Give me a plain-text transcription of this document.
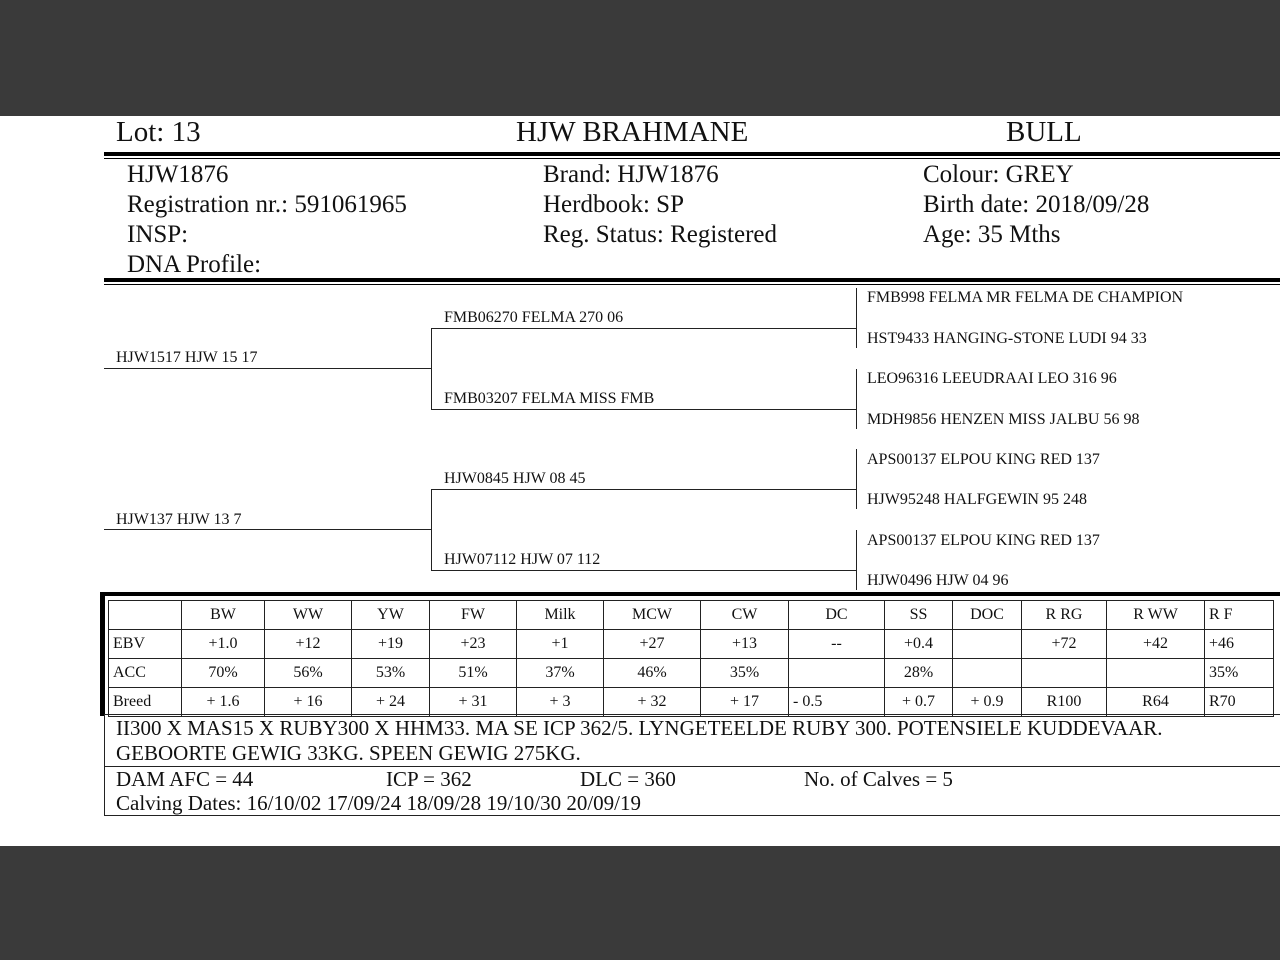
Lot: 13	HJW BRAHMANE	BULL
HJW1876
Registration nr.: 591061965
INSP:
DNA Profile:
Brand: HJW1876
Herdbook: SP
Reg. Status: Registered
Colour: GREY
Birth date: 2018/09/28
Age: 35 Mths
HJW1517 HJW 15 17
HJW137 HJW 13 7
FMB06270 FELMA 270 06
FMB03207 FELMA MISS FMB
HJW0845 HJW 08 45
HJW07112 HJW 07 112
FMB998 FELMA MR FELMA DE CHAMPION
HST9433 HANGING-STONE LUDI 94 33
LEO96316 LEEUDRAAI LEO 316 96
MDH9856 HENZEN MISS JALBU 56 98
APS00137 ELPOU KING RED 137
HJW95248 HALFGEWIN 95 248
APS00137 ELPOU KING RED 137
HJW0496 HJW 04 96
	BW	WW	YW	FW	Milk	MCW	CW	DC	SS	DOC	R RG	R WW	R F
EBV	+1.0	+12	+19	+23	+1	+27	+13	--	+0.4		+72	+42	+46
ACC	70%	56%	53%	51%	37%	46%	35%		28%				35%
Breed	+ 1.6	+ 16	+ 24	+ 31	+ 3	+ 32	+ 17	- 0.5	+ 0.7	+ 0.9	R100	R64	R70
II300 X MAS15 X RUBY300 X HHM33. MA SE ICP 362/5. LYNGETEELDE RUBY 300. POTENSIELE KUDDEVAAR.
GEBOORTE GEWIG 33KG. SPEEN GEWIG 275KG.
DAM AFC = 44	ICP = 362	DLC = 360	No. of Calves = 5
Calving Dates: 16/10/02 17/09/24 18/09/28 19/10/30 20/09/19
